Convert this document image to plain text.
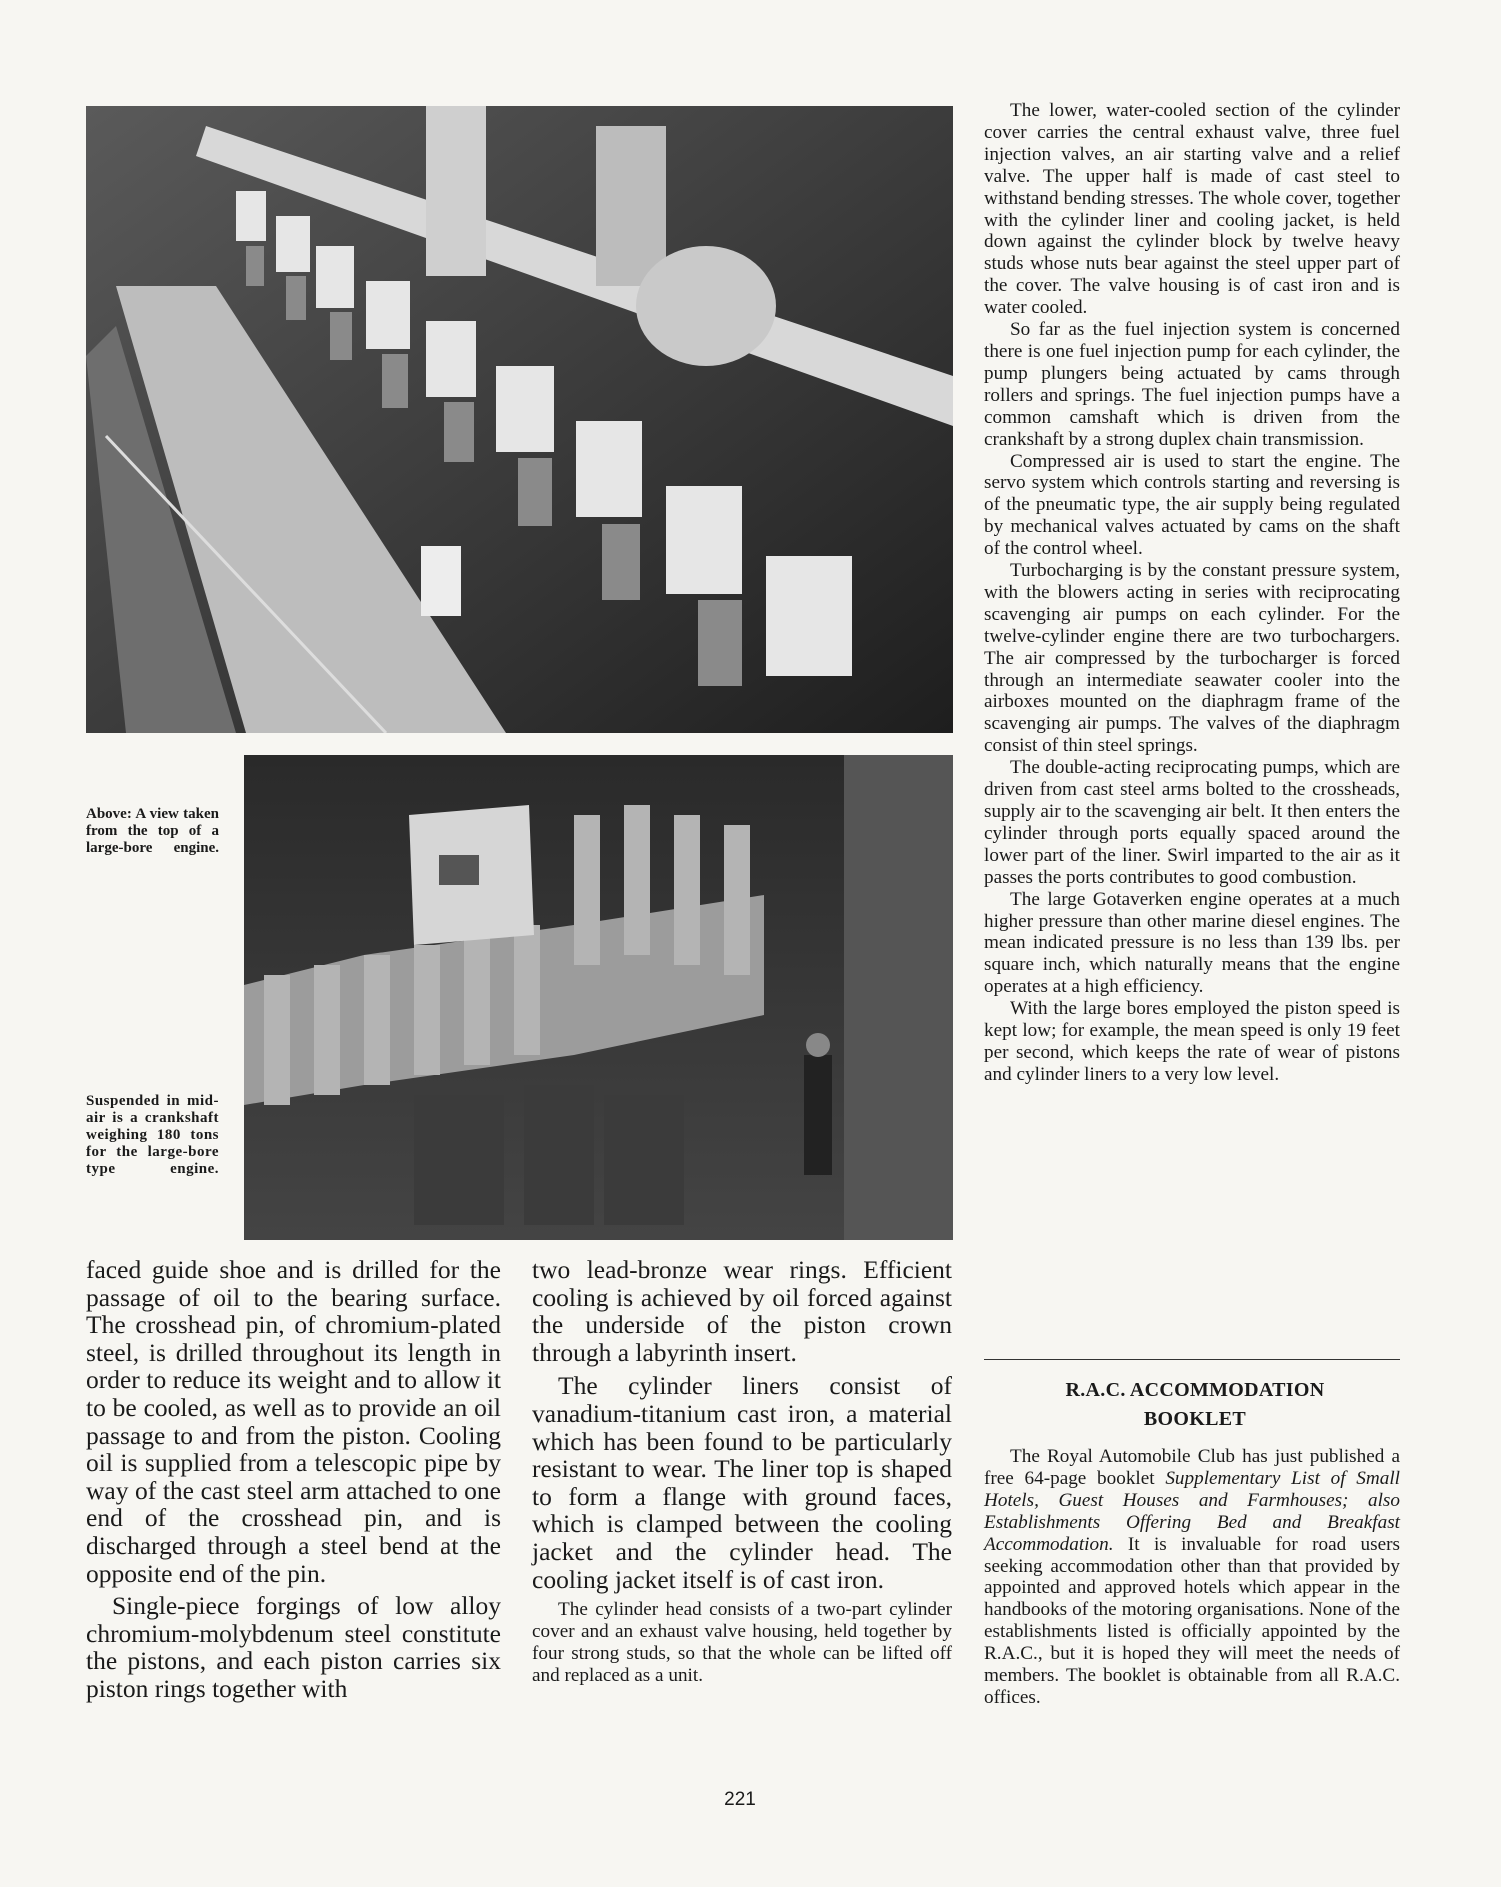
Above: A view taken from the top of a large-bore engine.
Suspended in mid-air is a crankshaft weighing 180 tons for the large-bore type engine.

faced guide shoe and is drilled for the passage of oil to the bearing surface. The crosshead pin, of chromium-plated steel, is drilled throughout its length in order to reduce its weight and to allow it to be cooled, as well as to provide an oil passage to and from the piston. Cooling oil is supplied from a telescopic pipe by way of the cast steel arm attached to one end of the crosshead pin, and is discharged through a steel bend at the opposite end of the pin.

Single-piece forgings of low alloy chromium-molybdenum steel constitute the pistons, and each piston carries six piston rings together with

two lead-bronze wear rings. Efficient cooling is achieved by oil forced against the underside of the piston crown through a labyrinth insert.

The cylinder liners consist of vanadium-titanium cast iron, a material which has been found to be particularly resistant to wear. The liner top is shaped to form a flange with ground faces, which is clamped between the cooling jacket and the cylinder head. The cooling jacket itself is of cast iron.

The cylinder head consists of a two-part cylinder cover and an exhaust valve housing, held together by four strong studs, so that the whole can be lifted off and replaced as a unit.

The lower, water-cooled section of the cylinder cover carries the central exhaust valve, three fuel injection valves, an air starting valve and a relief valve. The upper half is made of cast steel to withstand bending stresses. The whole cover, together with the cylinder liner and cooling jacket, is held down against the cylinder block by twelve heavy studs whose nuts bear against the steel upper part of the cover. The valve housing is of cast iron and is water cooled.

So far as the fuel injection system is concerned there is one fuel injection pump for each cylinder, the pump plungers being actuated by cams through rollers and springs. The fuel injection pumps have a common camshaft which is driven from the crankshaft by a strong duplex chain transmission.

Compressed air is used to start the engine. The servo system which controls starting and reversing is of the pneumatic type, the air supply being regulated by mechanical valves actuated by cams on the shaft of the control wheel.

Turbocharging is by the constant pressure system, with the blowers acting in series with reciprocating scavenging air pumps on each cylinder. For the twelve-cylinder engine there are two turbochargers. The air compressed by the turbocharger is forced through an intermediate seawater cooler into the airboxes mounted on the diaphragm frame of the scavenging air pumps. The valves of the diaphragm consist of thin steel springs.

The double-acting reciprocating pumps, which are driven from cast steel arms bolted to the crossheads, supply air to the scavenging air belt. It then enters the cylinder through ports equally spaced around the lower part of the liner. Swirl imparted to the air as it passes the ports contributes to good combustion.

The large Gotaverken engine operates at a much higher pressure than other marine diesel engines. The mean indicated pressure is no less than 139 lbs. per square inch, which naturally means that the engine operates at a high efficiency.

With the large bores employed the piston speed is kept low; for example, the mean speed is only 19 feet per second, which keeps the rate of wear of pistons and cylinder liners to a very low level.

R.A.C. ACCOMMODATION BOOKLET

The Royal Automobile Club has just published a free 64-page booklet Supplementary List of Small Hotels, Guest Houses and Farmhouses; also Establishments Offering Bed and Breakfast Accommodation. It is invaluable for road users seeking accommodation other than that provided by appointed and approved hotels which appear in the handbooks of the motoring organisations. None of the establishments listed is officially appointed by the R.A.C., but it is hoped they will meet the needs of members. The booklet is obtainable from all R.A.C. offices.

221
